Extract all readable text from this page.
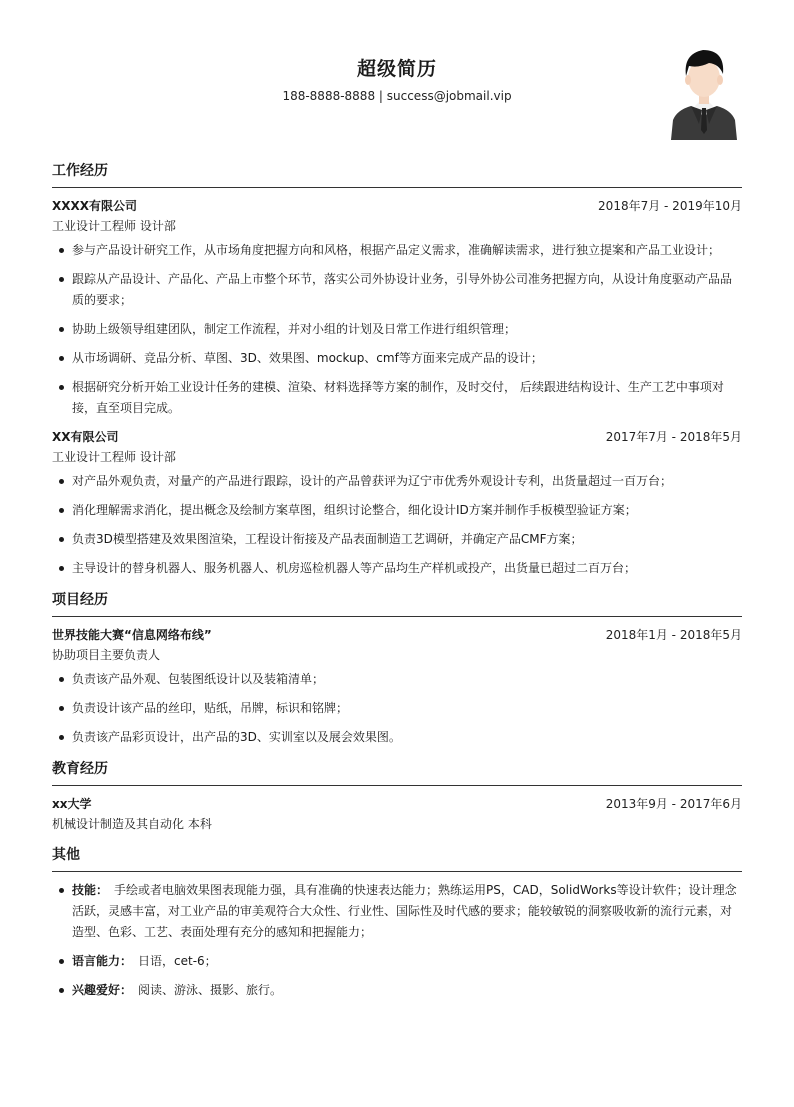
超级简历
188-8888-8888 | success@jobmail.vip
工作经历
XXXX有限公司	2018年7月 - 2019年10月
工业设计工程师 设计部
参与产品设计研究工作，从市场角度把握方向和风格，根据产品定义需求，准确解读需求，进行独立提案和产品工业设计；
跟踪从产品设计、产品化、产品上市整个环节，落实公司外协设计业务，引导外协公司准务把握方向，从设计角度驱动产品品质的要求；
协助上级领导组建团队，制定工作流程，并对小组的计划及日常工作进行组织管理；
从市场调研、竞品分析、草图、3D、效果图、mockup、cmf等方面来完成产品的设计；
根据研究分析开始工业设计任务的建模、渲染、材料选择等方案的制作，及时交付， 后续跟进结构设计、生产工艺中事项对接，直至项目完成。
XX有限公司	2017年7月 - 2018年5月
工业设计工程师 设计部
对产品外观负责，对量产的产品进行跟踪，设计的产品曾获评为辽宁市优秀外观设计专利，出货量超过一百万台；
消化理解需求消化，提出概念及绘制方案草图，组织讨论整合，细化设计ID方案并制作手板模型验证方案；
负责3D模型搭建及效果图渲染，工程设计衔接及产品表面制造工艺调研，并确定产品CMF方案；
主导设计的替身机器人、服务机器人、机房巡检机器人等产品均生产样机或投产，出货量已超过二百万台；
项目经历
世界技能大赛“信息网络布线”	2018年1月 - 2018年5月
协助项目主要负责人
负责该产品外观、包装图纸设计以及装箱清单；
负责设计该产品的丝印，贴纸，吊牌，标识和铭牌；
负责该产品彩页设计，出产品的3D、实训室以及展会效果图。
教育经历
xx大学	2013年9月 - 2017年6月
机械设计制造及其自动化 本科
其他
技能： 手绘或者电脑效果图表现能力强，具有准确的快速表达能力；熟练运用PS，CAD，SolidWorks等设计软件；设计理念活跃，灵感丰富，对工业产品的审美观符合大众性、行业性、国际性及时代感的要求；能较敏锐的洞察吸收新的流行元素，对造型、色彩、工艺、表面处理有充分的感知和把握能力；
语言能力： 日语，cet-6；
兴趣爱好： 阅读、游泳、摄影、旅行。
